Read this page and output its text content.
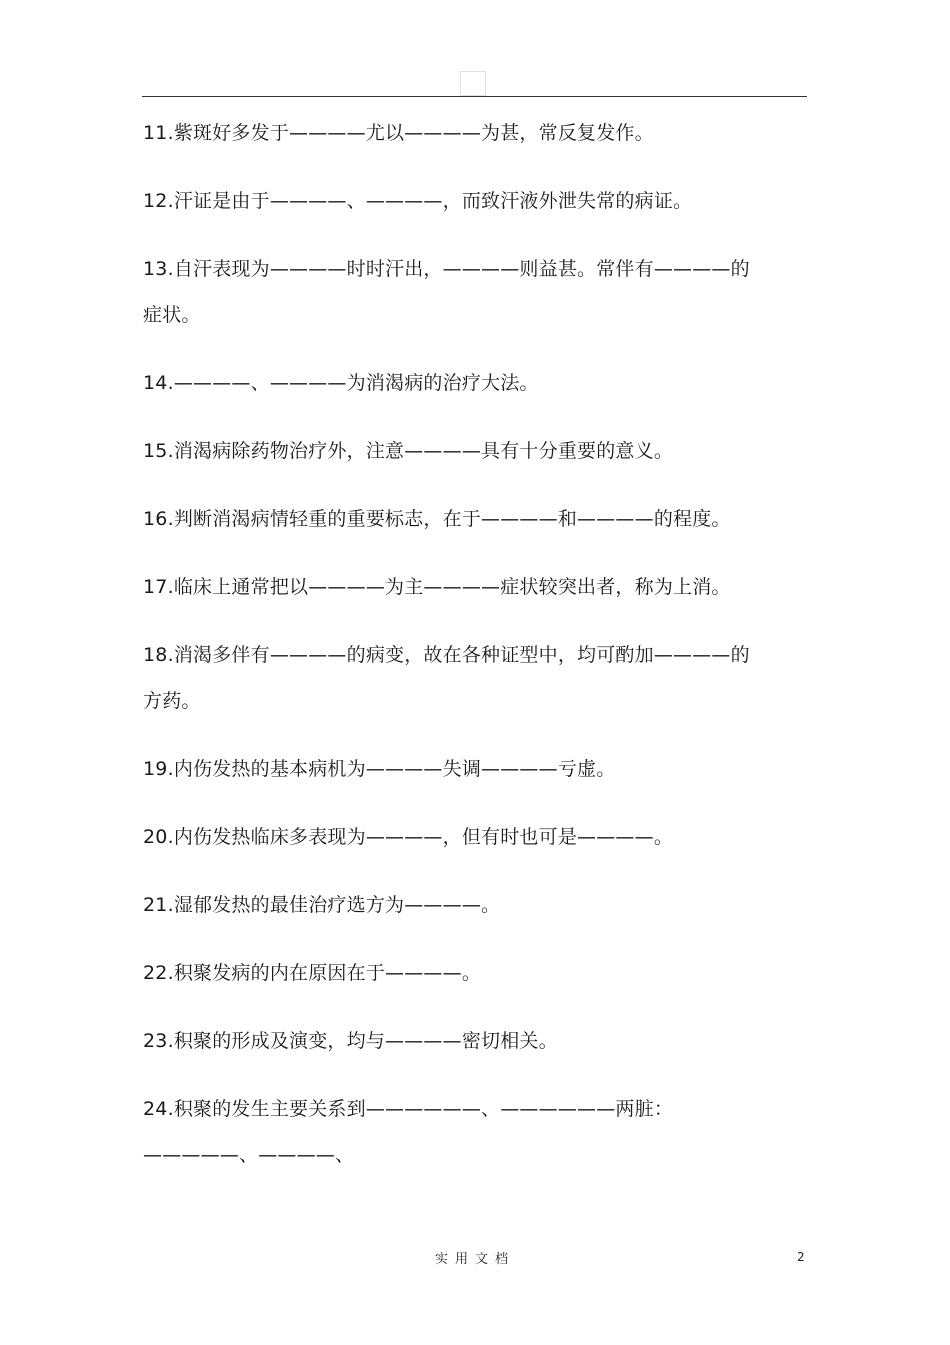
11.紫斑好多发于————尤以————为甚，常反复发作。

12.汗证是由于————、————，而致汗液外泄失常的病证。

13.自汗表现为————时时汗出，————则益甚。常伴有————的症状。

14.————、————为消渴病的治疗大法。

15.消渴病除药物治疗外，注意————具有十分重要的意义。

16.判断消渴病情轻重的重要标志，在于————和————的程度。

17.临床上通常把以————为主————症状较突出者，称为上消。

18.消渴多伴有————的病变，故在各种证型中，均可酌加————的方药。

19.内伤发热的基本病机为————失调————亏虚。

20.内伤发热临床多表现为————，但有时也可是————。

21.湿郁发热的最佳治疗选方为————。

22.积聚发病的内在原因在于————。

23.积聚的形成及演变，均与————密切相关。

24.积聚的发生主要关系到——————、——————两脏：—————、————、

实用文档	2
